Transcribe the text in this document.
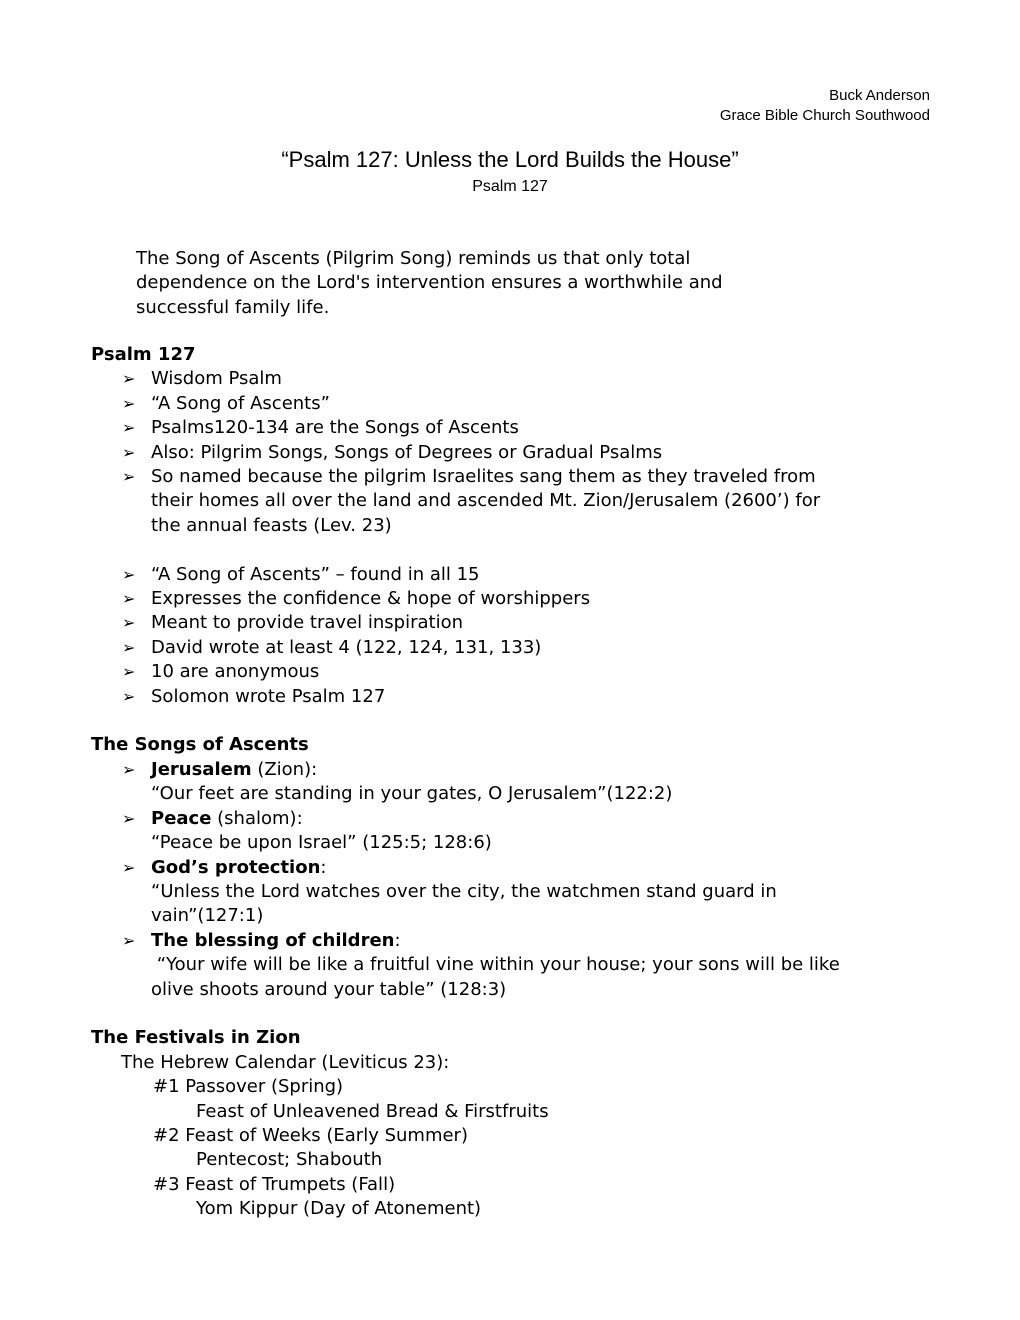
Buck Anderson
Grace Bible Church Southwood
“Psalm 127: Unless the Lord Builds the House”
Psalm 127
The Song of Ascents (Pilgrim Song) reminds us that only total
dependence on the Lord's intervention ensures a worthwhile and
successful family life.
Psalm 127
➢ Wisdom Psalm
➢ “A Song of Ascents”
➢ Psalms120-134 are the Songs of Ascents
➢ Also: Pilgrim Songs, Songs of Degrees or Gradual Psalms
➢ So named because the pilgrim Israelites sang them as they traveled from
their homes all over the land and ascended Mt. Zion/Jerusalem (2600’) for
the annual feasts (Lev. 23)
➢ “A Song of Ascents” – found in all 15
➢ Expresses the confidence & hope of worshippers
➢ Meant to provide travel inspiration
➢ David wrote at least 4 (122, 124, 131, 133)
➢ 10 are anonymous
➢ Solomon wrote Psalm 127
The Songs of Ascents
➢ Jerusalem (Zion):
“Our feet are standing in your gates, O Jerusalem”(122:2)
➢ Peace (shalom):
“Peace be upon Israel” (125:5; 128:6)
➢ God’s protection:
“Unless the Lord watches over the city, the watchmen stand guard in
vain”(127:1)
➢ The blessing of children:
“Your wife will be like a fruitful vine within your house; your sons will be like
olive shoots around your table” (128:3)
The Festivals in Zion
The Hebrew Calendar (Leviticus 23):
#1 Passover (Spring)
Feast of Unleavened Bread & Firstfruits
#2 Feast of Weeks (Early Summer)
Pentecost; Shabouth
#3 Feast of Trumpets (Fall)
Yom Kippur (Day of Atonement)
